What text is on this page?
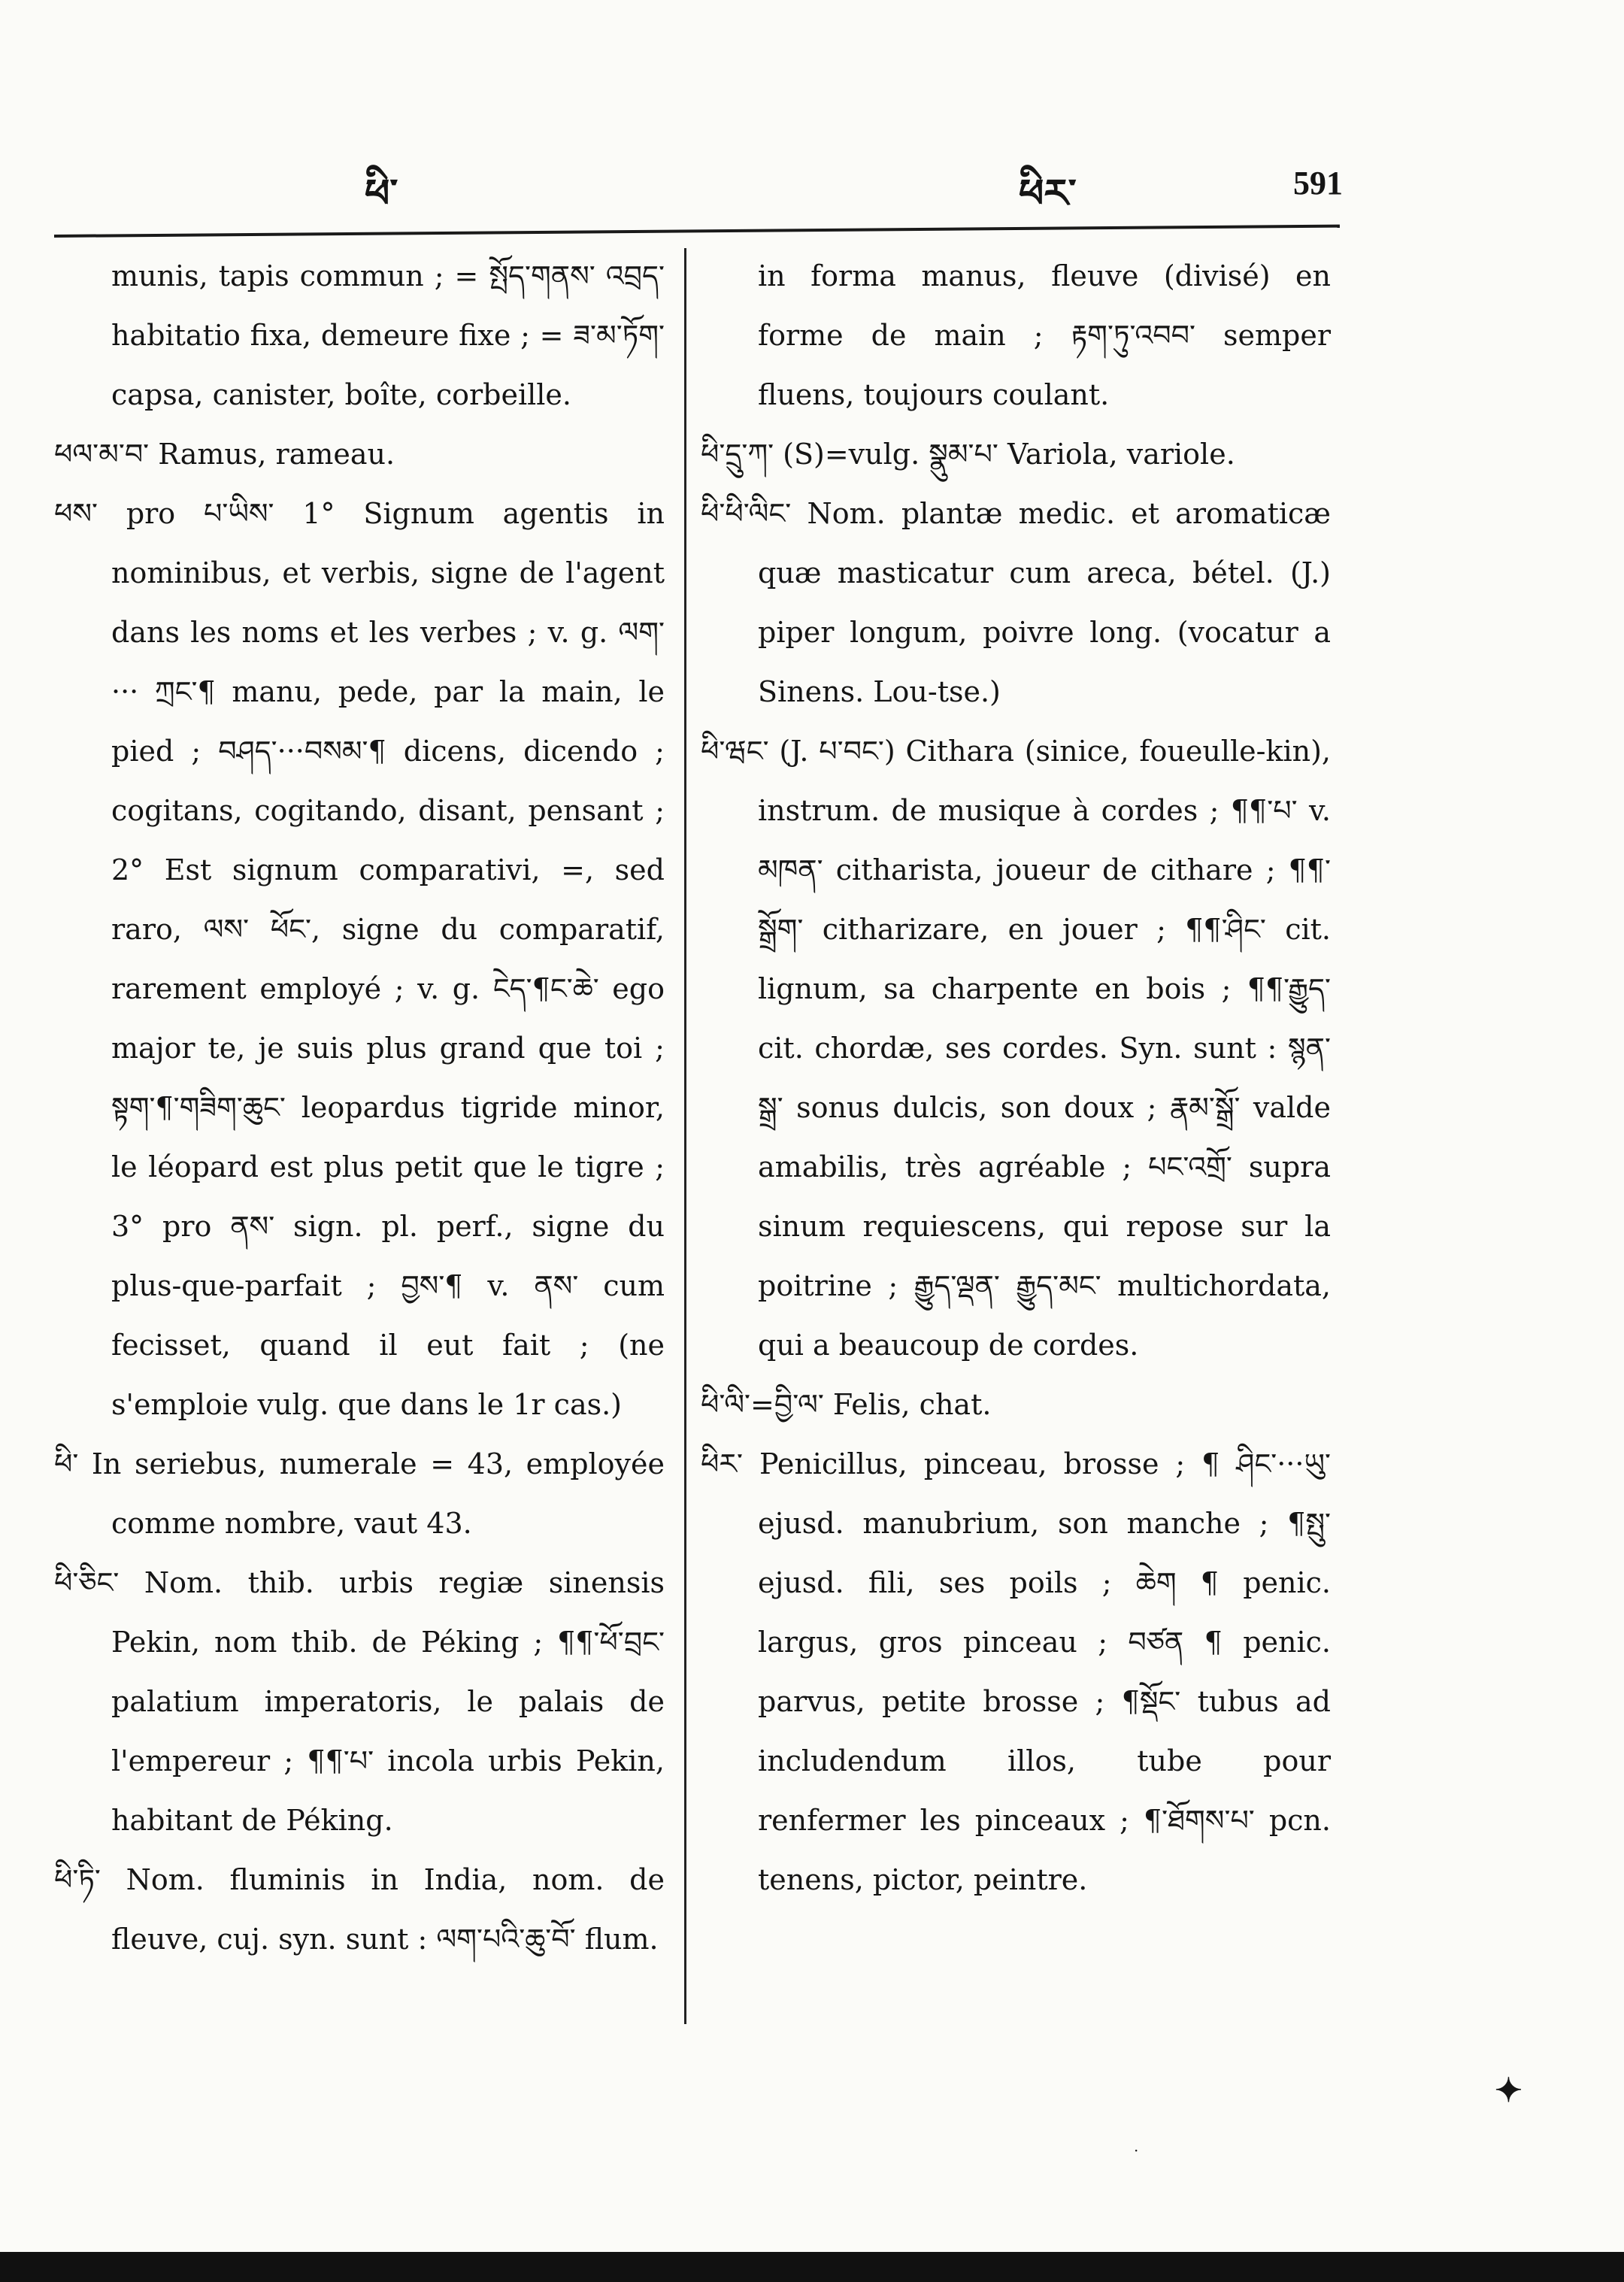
ཕི་	ཕིར་	591

munis, tapis commun ; = སྤོད་གནས་ འབྲད་ habitatio fixa, demeure fixe ; = ཟ་མ་ཏོག་ capsa, canister, boîte, corbeille.

ཕལ་མ་བ་ Ramus, rameau.

ཕས་ pro པ་ཡིས་ 1° Signum agentis in nominibus, et verbis, signe de l'agent dans les noms et les verbes ; v. g. ལག་··· ཀྲང་¶ manu, pede, par la main, le pied ; བཤད་···བསམ་¶ dicens, dicendo ; cogitans, cogitando, disant, pensant ; 2° Est signum comparativi, =, sed raro, ལས་ ཕོང་, signe du comparatif, rarement employé ; v. g. ངེད་¶ང་ཆེ་ ego major te, je suis plus grand que toi ; སྟག་¶་གཟིག་ཆུང་ leopardus tigride minor, le léopard est plus petit que le tigre ; 3° pro ནས་ sign. pl. perf., signe du plus-que-parfait ; བྱས་¶ v. ནས་ cum fecisset, quand il eut fait ; (ne s'emploie vulg. que dans le 1r cas.)

ཕི་ In seriebus, numerale = 43, employée comme nombre, vaut 43.

ཕི་ཅིང་ Nom. thib. urbis regiæ sinensis Pekin, nom thib. de Péking ; ¶¶་ཕོ་བྲང་ palatium imperatoris, le palais de l'empereur ; ¶¶་པ་ incola urbis Pekin, habitant de Péking.

ཕི་ཏི་ Nom. fluminis in India, nom. de fleuve, cuj. syn. sunt : ལག་པའི་ཆུ་བོ་ flum.

in forma manus, fleuve (divisé) en forme de main ; རྟག་ཏུ་འབབ་ semper fluens, toujours coulant.

ཕི་དྲུ་ཀ་ (S)=vulg. སྣུམ་པ་ Variola, variole.

ཕི་ཕི་ལིང་ Nom. plantæ medic. et aromaticæ quæ masticatur cum areca, bétel. (J.) piper longum, poivre long. (vocatur a Sinens. Lou-tse.)

ཕི་ཝང་ (J. པ་བང་) Cithara (sinice, foueulle-kin), instrum. de musique à cordes ; ¶¶་པ་ v. མཁན་ citharista, joueur de cithare ; ¶¶་སྒྲོག་ citharizare, en jouer ; ¶¶་ཤིང་ cit. lignum, sa charpente en bois ; ¶¶་རྒྱུད་ cit. chordæ, ses cordes. Syn. sunt : སྙན་སྒྲ་ sonus dulcis, son doux ; རྣམ་སྒྲོ་ valde amabilis, très agréable ; པང་འགྲོ་ supra sinum requiescens, qui repose sur la poitrine ; རྒྱུད་ལྡན་ རྒྱུད་མང་ multichordata, qui a beaucoup de cordes.

ཕི་ལི་=བྱི་ལ་ Felis, chat.

ཕིར་ Penicillus, pinceau, brosse ; ¶ ཤིང་···ཡུ་ ejusd. manubrium, son manche ; ¶སྤུ་ ejusd. fili, ses poils ; ཆེག ¶ penic. largus, gros pinceau ; བཙན ¶ penic. parvus, petite brosse ; ¶སྡོང་ tubus ad includendum illos, tube pour renfermer les pinceaux ; ¶་ཐོགས་པ་ pcn. tenens, pictor, peintre.

✦
·
